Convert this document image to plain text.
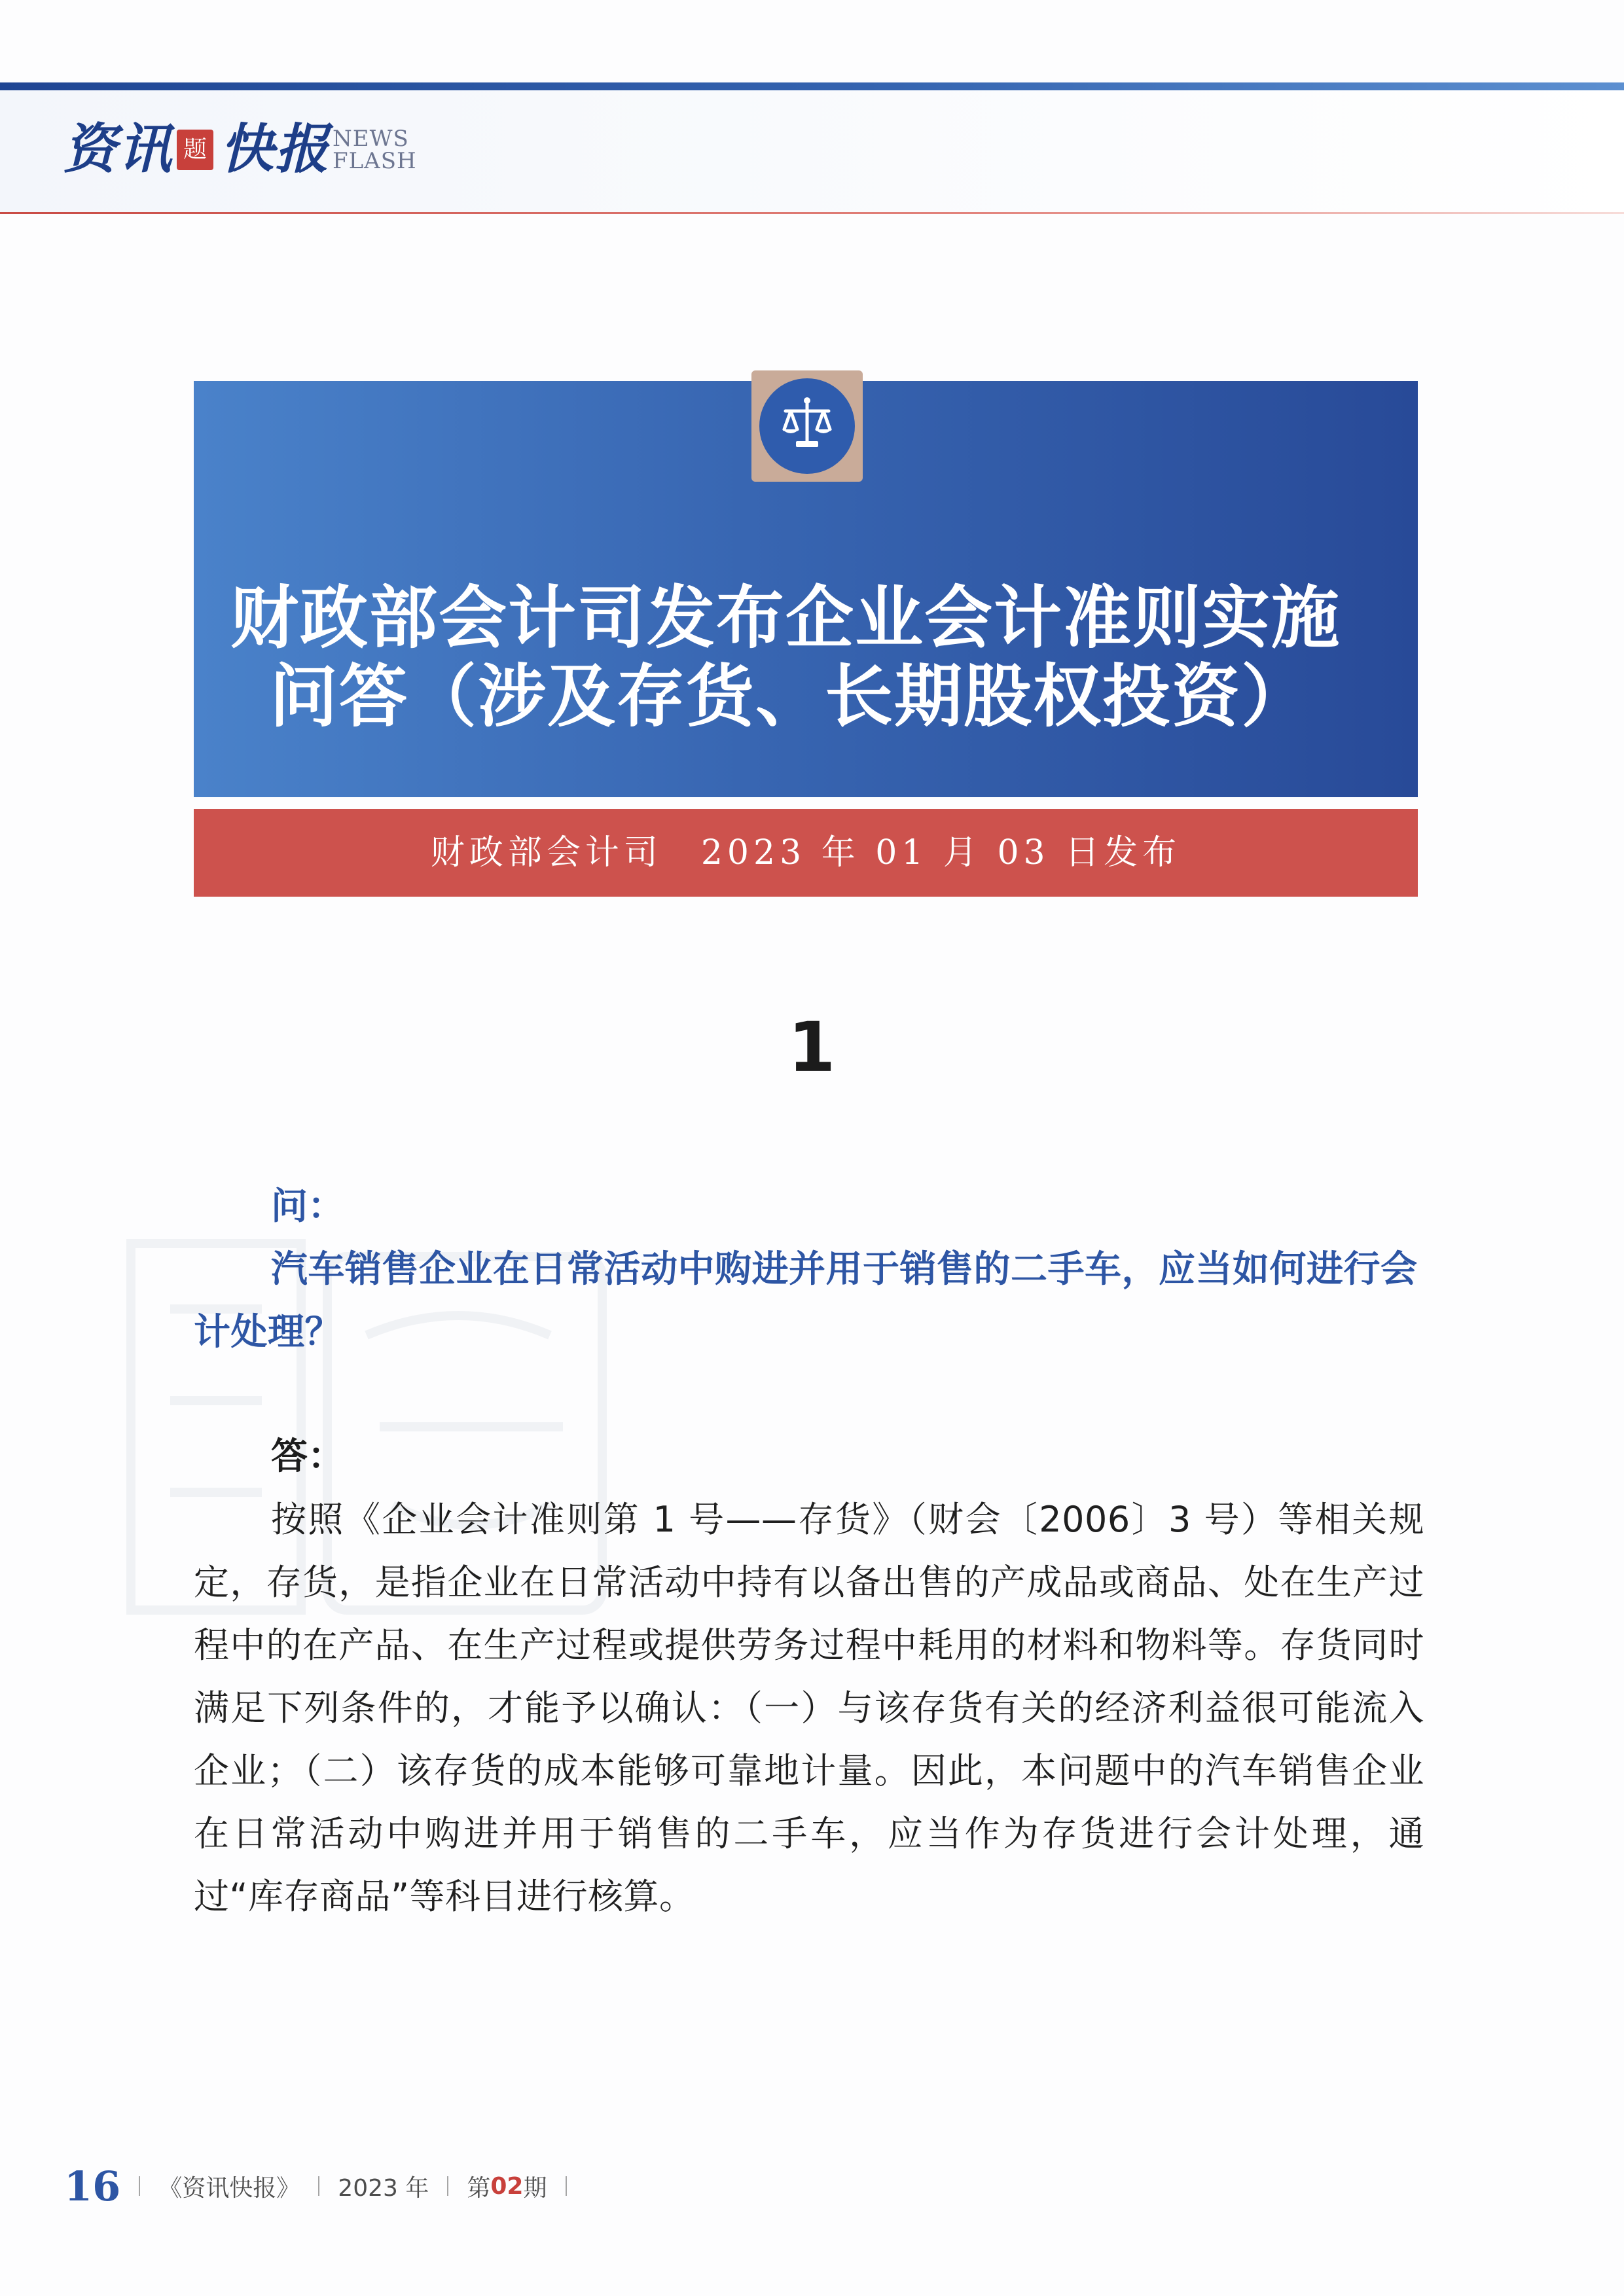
资讯 题 快报 NEWS
FLASH
财政部会计司发布企业会计准则实施
问答（涉及存货、长期股权投资）
财政部会计司　2023 年 01 月 03 日发布
1
问：
汽车销售企业在日常活动中购进并用于销售的二手车，应当如何进行会计处理？
答：
按照《企业会计准则第 1 号——存货》（财会〔2006〕3 号）等相关规定，存货，是指企业在日常活动中持有以备出售的产成品或商品、处在生产过程中的在产品、在生产过程或提供劳务过程中耗用的材料和物料等。存货同时满足下列条件的，才能予以确认：（一）与该存货有关的经济利益很可能流入企业；（二）该存货的成本能够可靠地计量。因此，本问题中的汽车销售企业在日常活动中购进并用于销售的二手车，应当作为存货进行会计处理，通过“库存商品”等科目进行核算。
16 《资讯快报》 2023 年 第 02 期
